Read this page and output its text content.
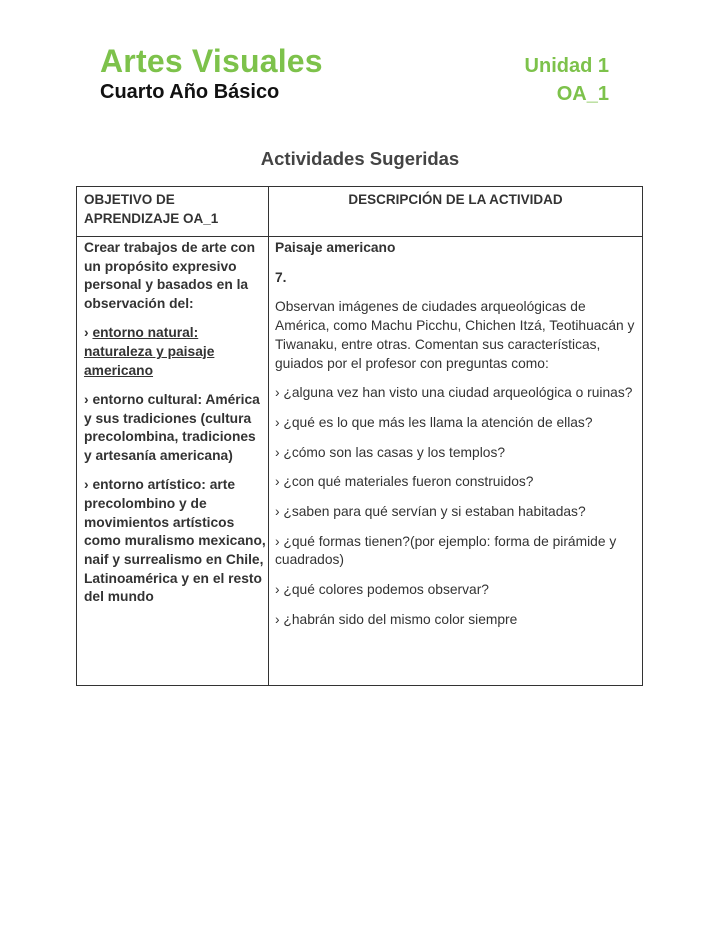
Artes Visuales
Cuarto Año Básico
Unidad 1
OA_1
Actividades Sugeridas
OBJETIVO DE APRENDIZAJE OA_1
DESCRIPCIÓN DE LA ACTIVIDAD

Crear trabajos de arte con un propósito expresivo personal y basados en la observación del:

› entorno natural: naturaleza y paisaje americano

› entorno cultural: América y sus tradiciones (cultura precolombina, tradiciones y artesanía americana)

› entorno artístico: arte precolombino y de movimientos artísticos como muralismo mexicano, naif y surrealismo en Chile, Latinoamérica y en el resto del mundo

Paisaje americano

7.

Observan imágenes de ciudades arqueológicas de América, como Machu Picchu, Chichen Itzá, Teotihuacán y Tiwanaku, entre otras. Comentan sus características, guiados por el profesor con preguntas como:

› ¿alguna vez han visto una ciudad arqueológica o ruinas?

› ¿qué es lo que más les llama la atención de ellas?

› ¿cómo son las casas y los templos?

› ¿con qué materiales fueron construidos?

› ¿saben para qué servían y si estaban habitadas?

› ¿qué formas tienen?(por ejemplo: forma de pirámide y cuadrados)

› ¿qué colores podemos observar?

› ¿habrán sido del mismo color siempre
